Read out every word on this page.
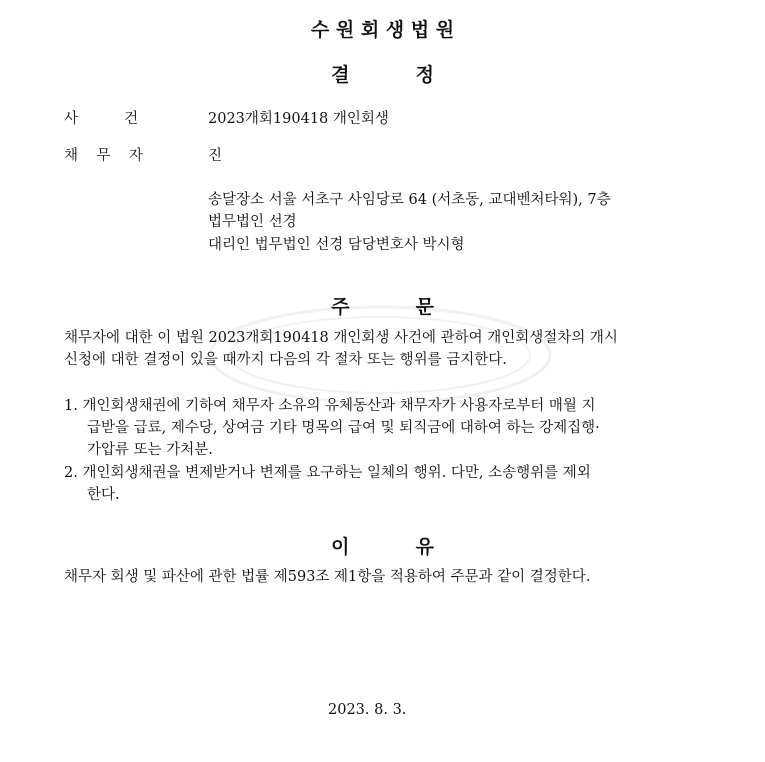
수 원 회 생 법 원
결          정
사          건	2023개회190418 개인회생
채    무    자	진
송달장소 서울 서초구 사임당로 64 (서초동, 교대벤처타워), 7층
법무법인 선경
대리인 법무법인 선경 담당변호사 박시형
주          문
채무자에 대한 이 법원 2023개회190418 개인회생 사건에 관하여 개인회생절차의 개시
신청에 대한 결정이 있을 때까지 다음의 각 절차 또는 행위를 금지한다.
1. 개인회생채권에 기하여 채무자 소유의 유체동산과 채무자가 사용자로부터 매월 지
급받을 급료, 제수당, 상여금 기타 명목의 급여 및 퇴직금에 대하여 하는 강제집행·
가압류 또는 가처분.
2. 개인회생채권을 변제받거나 변제를 요구하는 일체의 행위. 다만, 소송행위를 제외
한다.
이          유
채무자 회생 및 파산에 관한 법률 제593조 제1항을 적용하여 주문과 같이 결정한다.
2023. 8. 3.
